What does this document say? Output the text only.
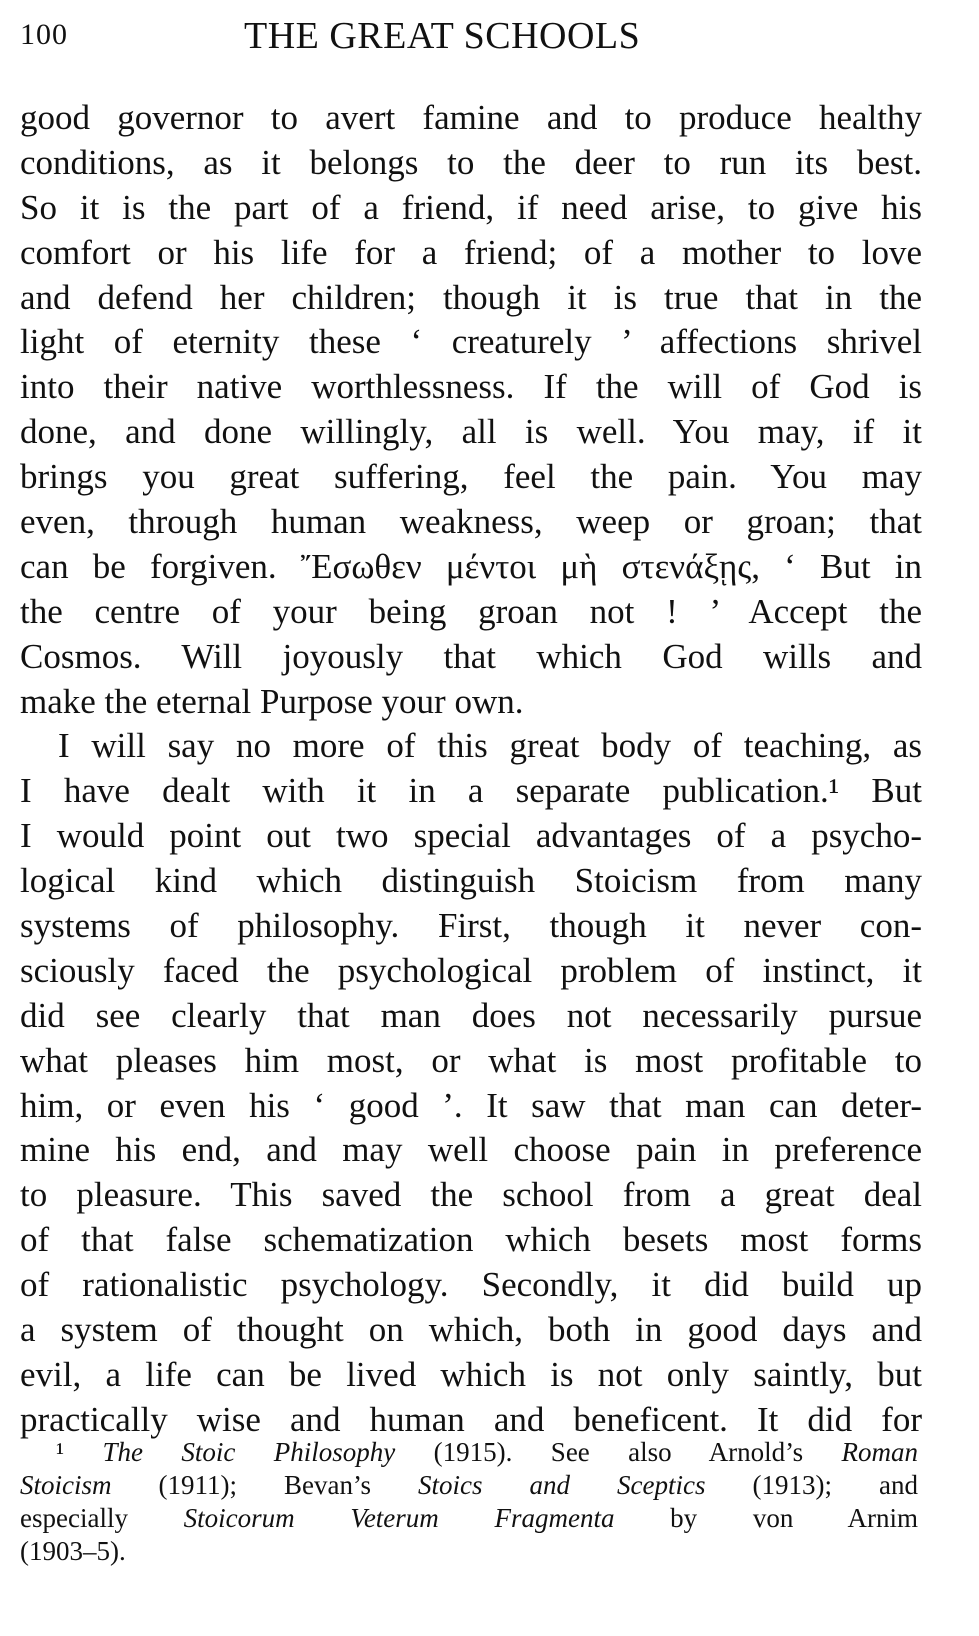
100	THE GREAT SCHOOLS
good governor to avert famine and to produce healthy
conditions, as it belongs to the deer to run its best.
So it is the part of a friend, if need arise, to give his
comfort or his life for a friend; of a mother to love
and defend her children; though it is true that in the
light of eternity these ‘ creaturely ’ affections shrivel
into their native worthlessness. If the will of God is
done, and done willingly, all is well. You may, if it
brings you great suffering, feel the pain. You may
even, through human weakness, weep or groan; that
can be forgiven. Ἔσωθεν μέντοι μὴ στενάξῃς, ‘ But in
the centre of your being groan not ! ’ Accept the
Cosmos. Will joyously that which God wills and
make the eternal Purpose your own.
I will say no more of this great body of teaching, as
I have dealt with it in a separate publication.¹ But
I would point out two special advantages of a psycho-
logical kind which distinguish Stoicism from many
systems of philosophy. First, though it never con-
sciously faced the psychological problem of instinct, it
did see clearly that man does not necessarily pursue
what pleases him most, or what is most profitable to
him, or even his ‘ good ’. It saw that man can deter-
mine his end, and may well choose pain in preference
to pleasure. This saved the school from a great deal
of that false schematization which besets most forms
of rationalistic psychology. Secondly, it did build up
a system of thought on which, both in good days and
evil, a life can be lived which is not only saintly, but
practically wise and human and beneficent. It did for
¹ The Stoic Philosophy (1915). See also Arnold’s Roman
Stoicism (1911); Bevan’s Stoics and Sceptics (1913); and
especially Stoicorum Veterum Fragmenta by von Arnim
(1903–5).
